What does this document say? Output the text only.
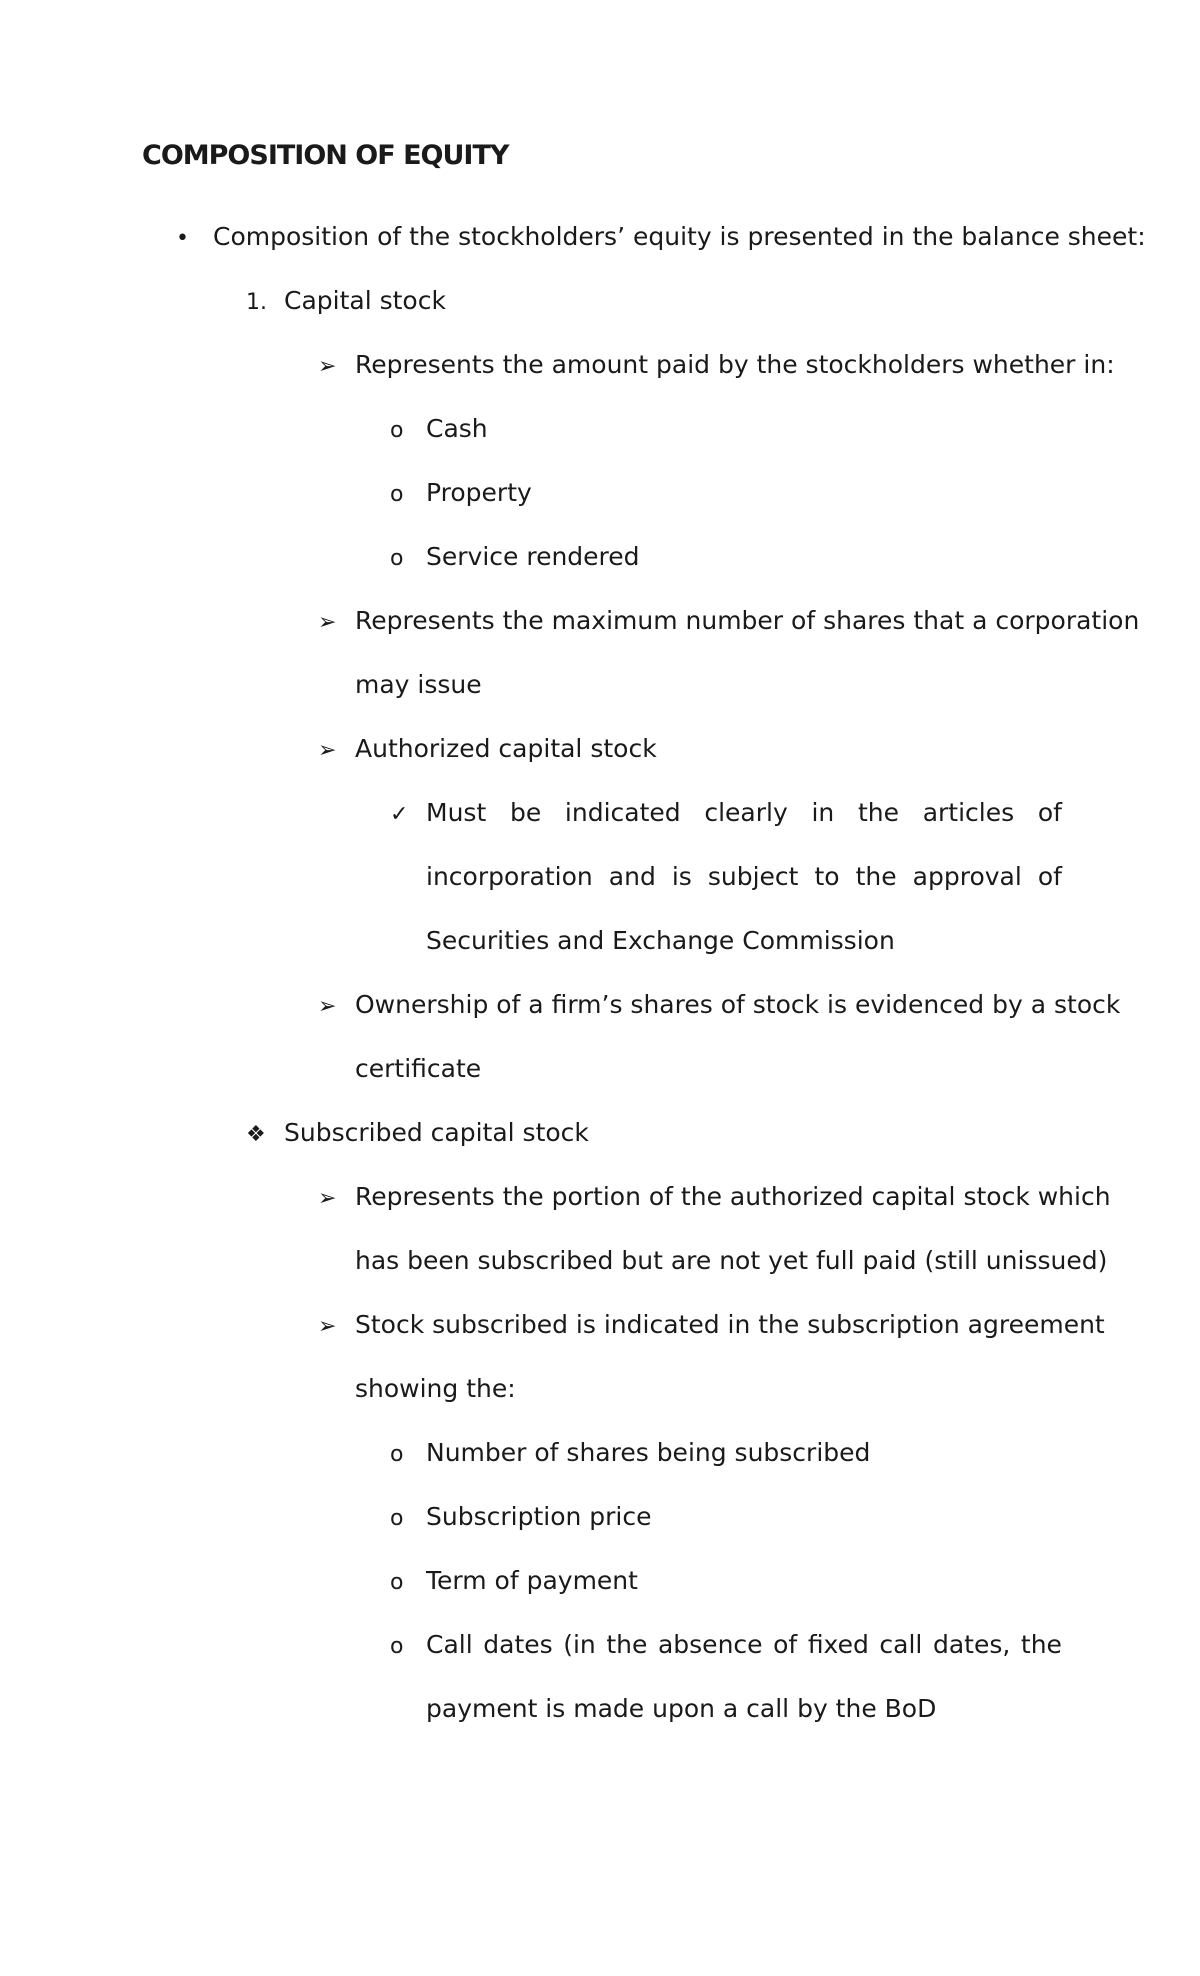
COMPOSITION OF EQUITY
• Composition of the stockholders’ equity is presented in the balance sheet:
1. Capital stock
➢ Represents the amount paid by the stockholders whether in:
o Cash
o Property
o Service rendered
➢ Represents the maximum number of shares that a corporation
may issue
➢ Authorized capital stock
✓ Must be indicated clearly in the articles of
incorporation and is subject to the approval of
Securities and Exchange Commission
➢ Ownership of a firm’s shares of stock is evidenced by a stock
certificate
❖ Subscribed capital stock
➢ Represents the portion of the authorized capital stock which
has been subscribed but are not yet full paid (still unissued)
➢ Stock subscribed is indicated in the subscription agreement
showing the:
o Number of shares being subscribed
o Subscription price
o Term of payment
o Call dates (in the absence of fixed call dates, the
payment is made upon a call by the BoD
